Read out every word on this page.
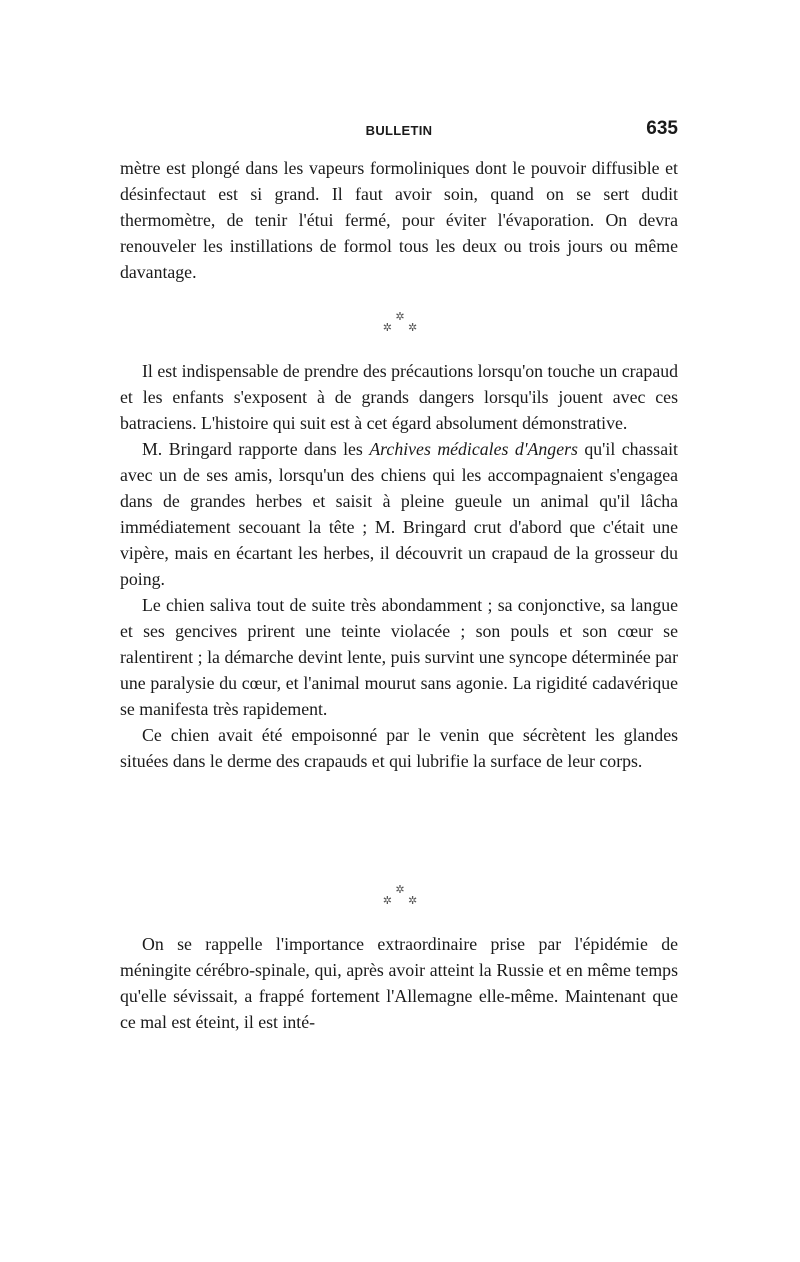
BULLETIN	635

mètre est plongé dans les vapeurs formoliniques dont le pouvoir diffusible et désinfectaut est si grand. Il faut avoir soin, quand on se sert dudit thermomètre, de tenir l'étui fermé, pour éviter l'évaporation. On devra renouveler les instillations de formol tous les deux ou trois jours ou même davantage.

✲
✲ ✲

Il est indispensable de prendre des précautions lorsqu'on touche un crapaud et les enfants s'exposent à de grands dangers lorsqu'ils jouent avec ces batraciens. L'histoire qui suit est à cet égard absolument démonstrative.

M. Bringard rapporte dans les Archives médicales d'Angers qu'il chassait avec un de ses amis, lorsqu'un des chiens qui les accompagnaient s'engagea dans de grandes herbes et saisit à pleine gueule un animal qu'il lâcha immédiatement secouant la tête ; M. Bringard crut d'abord que c'était une vipère, mais en écartant les herbes, il découvrit un crapaud de la grosseur du poing.

Le chien saliva tout de suite très abondamment ; sa conjonctive, sa langue et ses gencives prirent une teinte violacée ; son pouls et son cœur se ralentirent ; la démarche devint lente, puis survint une syncope déterminée par une paralysie du cœur, et l'animal mourut sans agonie. La rigidité cadavérique se manifesta très rapidement.

Ce chien avait été empoisonné par le venin que sécrètent les glandes situées dans le derme des crapauds et qui lubrifie la surface de leur corps.

✲
✲ ✲

On se rappelle l'importance extraordinaire prise par l'épidémie de méningite cérébro-spinale, qui, après avoir atteint la Russie et en même temps qu'elle sévissait, a frappé fortement l'Allemagne elle-même. Maintenant que ce mal est éteint, il est inté-
